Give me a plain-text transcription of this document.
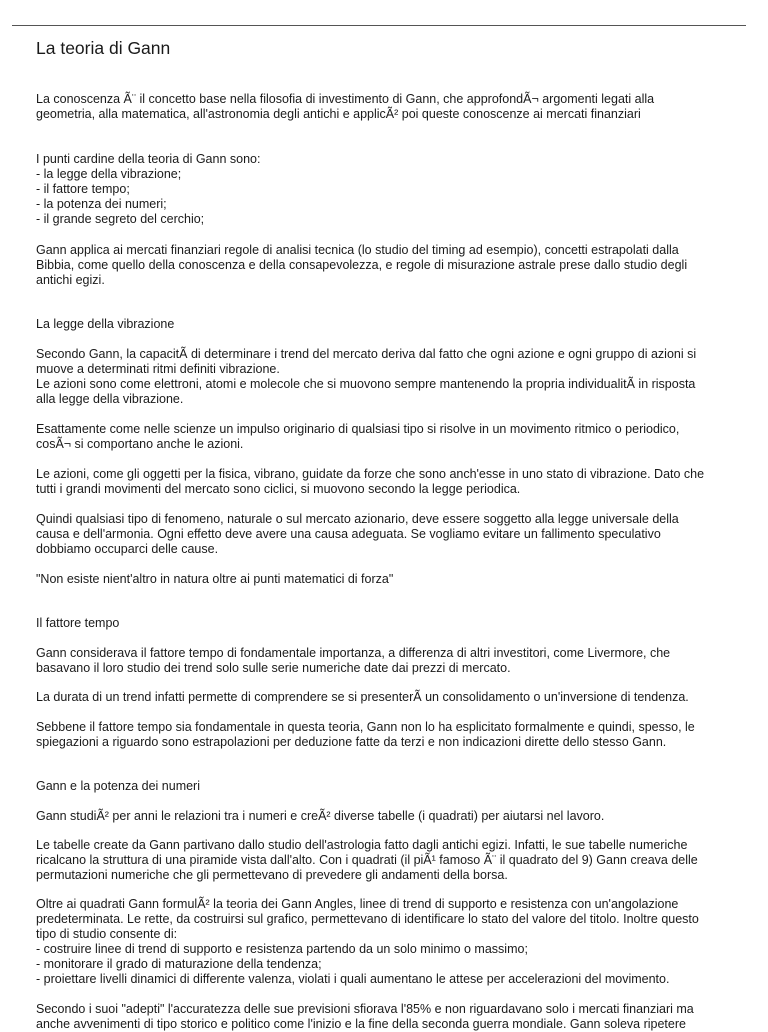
La teoria di Gann

La conoscenza Ã¨ il concetto base nella filosofia di investimento di Gann, che approfondÃ¬ argomenti legati alla
geometria, alla matematica, all'astronomia degli antichi e applicÃ² poi queste conoscenze ai mercati finanziari

I punti cardine della teoria di Gann sono:
- la legge della vibrazione;
- il fattore tempo;
- la potenza dei numeri;
- il grande segreto del cerchio;

Gann applica ai mercati finanziari regole di analisi tecnica (lo studio del timing ad esempio), concetti estrapolati dalla
Bibbia, come quello della conoscenza e della consapevolezza, e regole di misurazione astrale prese dallo studio degli
antichi egizi.

La legge della vibrazione

Secondo Gann, la capacitÃ di determinare i trend del mercato deriva dal fatto che ogni azione e ogni gruppo di azioni si
muove a determinati ritmi definiti vibrazione.
Le azioni sono come elettroni, atomi e molecole che si muovono sempre mantenendo la propria individualitÃ in risposta
alla legge della vibrazione.

Esattamente come nelle scienze un impulso originario di qualsiasi tipo si risolve in un movimento ritmico o periodico,
cosÃ¬ si comportano anche le azioni.

Le azioni, come gli oggetti per la fisica, vibrano, guidate da forze che sono anch'esse in uno stato di vibrazione. Dato che
tutti i grandi movimenti del mercato sono ciclici, si muovono secondo la legge periodica.

Quindi qualsiasi tipo di fenomeno, naturale o sul mercato azionario, deve essere soggetto alla legge universale della
causa e dell'armonia. Ogni effetto deve avere una causa adeguata. Se vogliamo evitare un fallimento speculativo
dobbiamo occuparci delle cause.

"Non esiste nient'altro in natura oltre ai punti matematici di forza"

Il fattore tempo

Gann considerava il fattore tempo di fondamentale importanza, a differenza di altri investitori, come Livermore, che
basavano il loro studio dei trend solo sulle serie numeriche date dai prezzi di mercato.

La durata di un trend infatti permette di comprendere se si presenterÃ un consolidamento o un'inversione di tendenza.

Sebbene il fattore tempo sia fondamentale in questa teoria, Gann non lo ha esplicitato formalmente e quindi, spesso, le
spiegazioni a riguardo sono estrapolazioni per deduzione fatte da terzi e non indicazioni dirette dello stesso Gann.

Gann e la potenza dei numeri

Gann studiÃ² per anni le relazioni tra i numeri e creÃ² diverse tabelle (i quadrati) per aiutarsi nel lavoro.

Le tabelle create da Gann partivano dallo studio dell'astrologia fatto dagli antichi egizi. Infatti, le sue tabelle numeriche
ricalcano la struttura di una piramide vista dall'alto. Con i quadrati (il piÃ¹ famoso Ã¨ il quadrato del 9) Gann creava delle
permutazioni numeriche che gli permettevano di prevedere gli andamenti della borsa.

Oltre ai quadrati Gann formulÃ² la teoria dei Gann Angles, linee di trend di supporto e resistenza con un'angolazione
predeterminata. Le rette, da costruirsi sul grafico, permettevano di identificare lo stato del valore del titolo. Inoltre questo
tipo di studio consente di:
- costruire linee di trend di supporto e resistenza partendo da un solo minimo o massimo;
- monitorare il grado di maturazione della tendenza;
- proiettare livelli dinamici di differente valenza, violati i quali aumentano le attese per accelerazioni del movimento.

Secondo i suoi "adepti" l'accuratezza delle sue previsioni sfiorava l'85% e non riguardavano solo i mercati finanziari ma
anche avvenimenti di tipo storico e politico come l'inizio e la fine della seconda guerra mondiale. Gann soleva ripetere
